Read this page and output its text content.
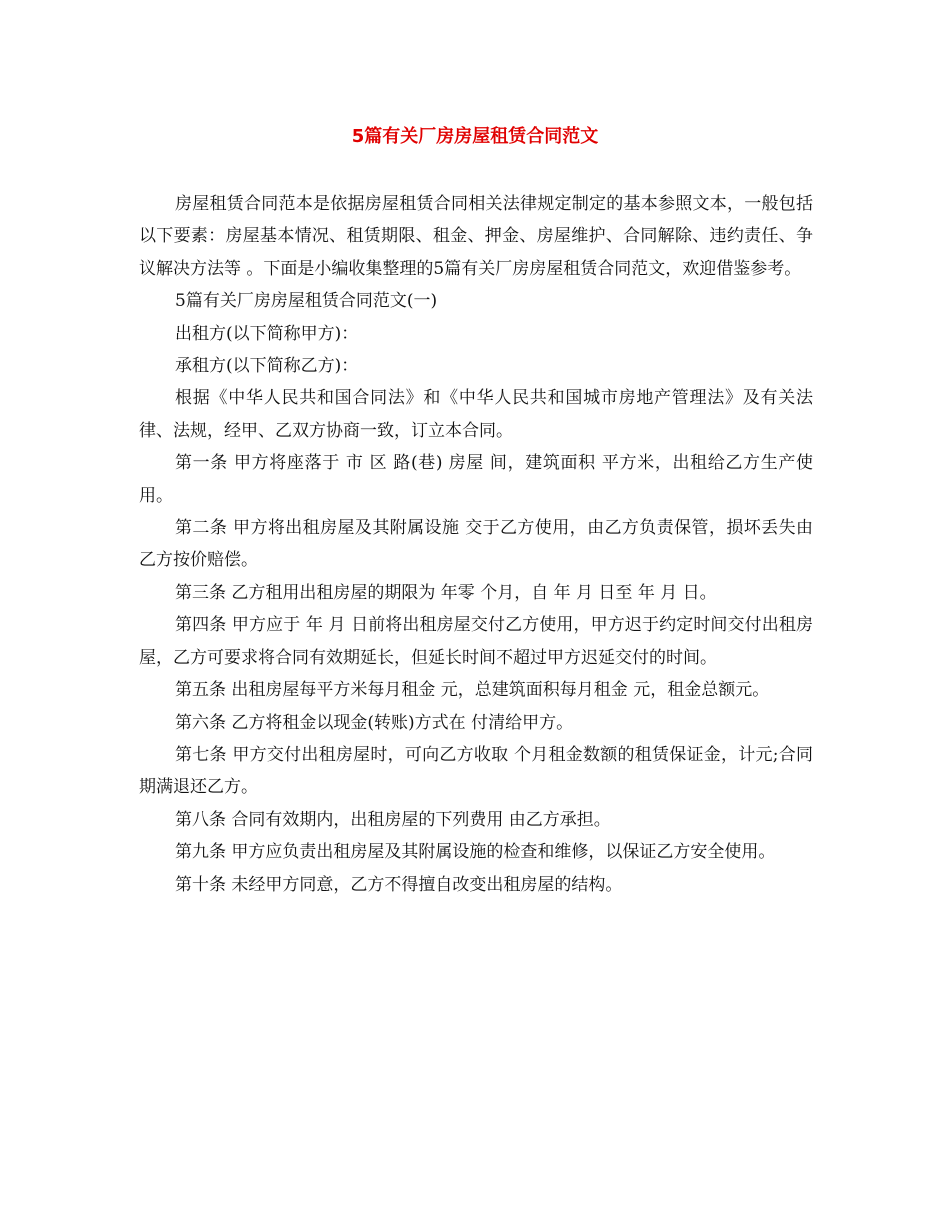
5篇有关厂房房屋租赁合同范文

房屋租赁合同范本是依据房屋租赁合同相关法律规定制定的基本参照文本，一般包括以下要素：房屋基本情况、租赁期限、租金、押金、房屋维护、合同解除、违约责任、争议解决方法等 。下面是小编收集整理的5篇有关厂房房屋租赁合同范文，欢迎借鉴参考。

5篇有关厂房房屋租赁合同范文(一)

出租方(以下简称甲方)：

承租方(以下简称乙方)：

根据《中华人民共和国合同法》和《中华人民共和国城市房地产管理法》及有关法律、法规，经甲、乙双方协商一致，订立本合同。

第一条 甲方将座落于 市 区 路(巷) 房屋 间，建筑面积 平方米，出租给乙方生产使用。

第二条 甲方将出租房屋及其附属设施 交于乙方使用，由乙方负责保管，损坏丢失由乙方按价赔偿。

第三条 乙方租用出租房屋的期限为 年零 个月，自 年 月 日至 年 月 日。

第四条 甲方应于 年 月 日前将出租房屋交付乙方使用，甲方迟于约定时间交付出租房屋，乙方可要求将合同有效期延长，但延长时间不超过甲方迟延交付的时间。

第五条 出租房屋每平方米每月租金 元，总建筑面积每月租金 元，租金总额元。

第六条 乙方将租金以现金(转账)方式在 付清给甲方。

第七条 甲方交付出租房屋时，可向乙方收取 个月租金数额的租赁保证金，计元;合同期满退还乙方。

第八条 合同有效期内，出租房屋的下列费用 由乙方承担。

第九条 甲方应负责出租房屋及其附属设施的检查和维修，以保证乙方安全使用。

第十条 未经甲方同意，乙方不得擅自改变出租房屋的结构。
